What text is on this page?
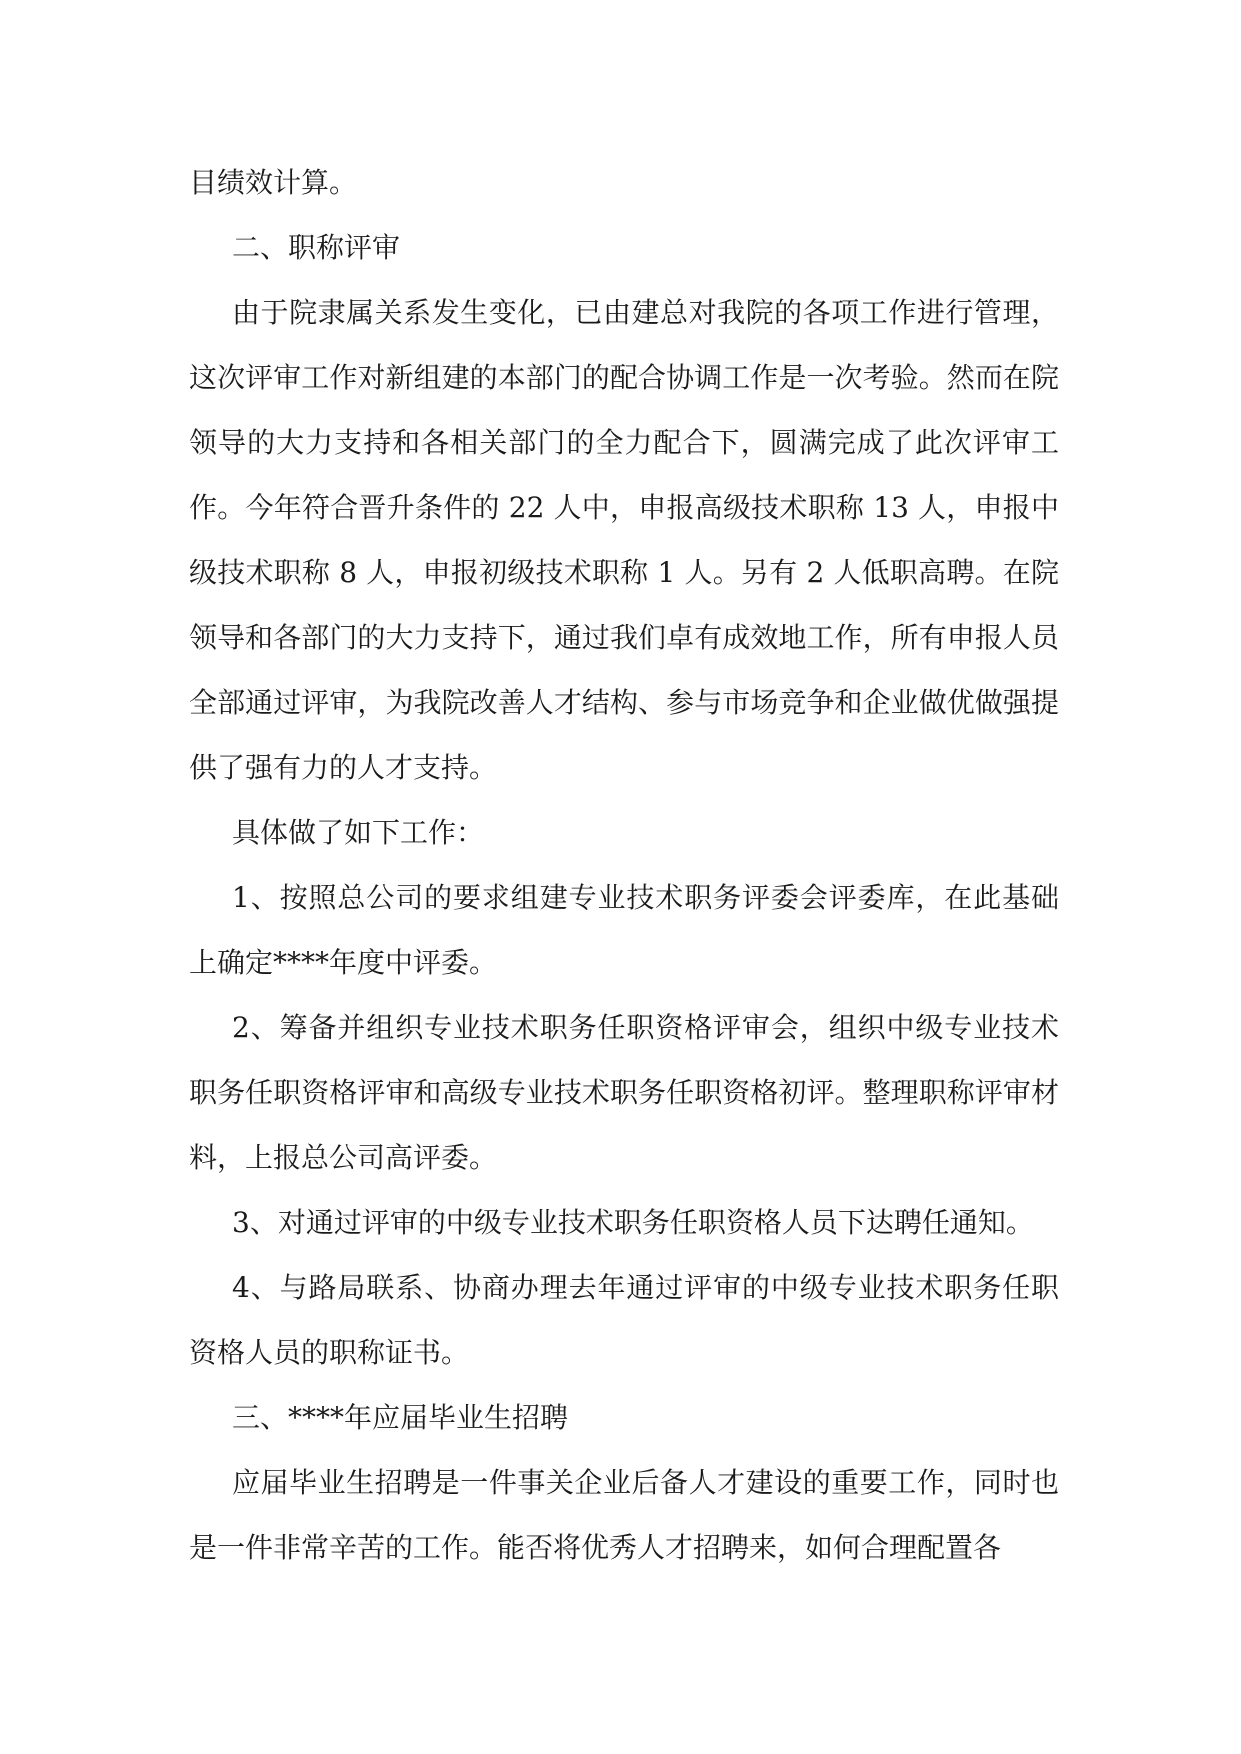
目绩效计算。

二、职称评审

由于院隶属关系发生变化，已由建总对我院的各项工作进行管理，这次评审工作对新组建的本部门的配合协调工作是一次考验。然而在院领导的大力支持和各相关部门的全力配合下，圆满完成了此次评审工作。今年符合晋升条件的 22 人中，申报高级技术职称 13 人，申报中级技术职称 8 人，申报初级技术职称 1 人。另有 2 人低职高聘。在院领导和各部门的大力支持下，通过我们卓有成效地工作，所有申报人员全部通过评审，为我院改善人才结构、参与市场竞争和企业做优做强提供了强有力的人才支持。

具体做了如下工作：

1、按照总公司的要求组建专业技术职务评委会评委库，在此基础上确定****年度中评委。

2、筹备并组织专业技术职务任职资格评审会，组织中级专业技术职务任职资格评审和高级专业技术职务任职资格初评。整理职称评审材料，上报总公司高评委。

3、对通过评审的中级专业技术职务任职资格人员下达聘任通知。

4、与路局联系、协商办理去年通过评审的中级专业技术职务任职资格人员的职称证书。

三、****年应届毕业生招聘

应届毕业生招聘是一件事关企业后备人才建设的重要工作，同时也是一件非常辛苦的工作。能否将优秀人才招聘来，如何合理配置各
